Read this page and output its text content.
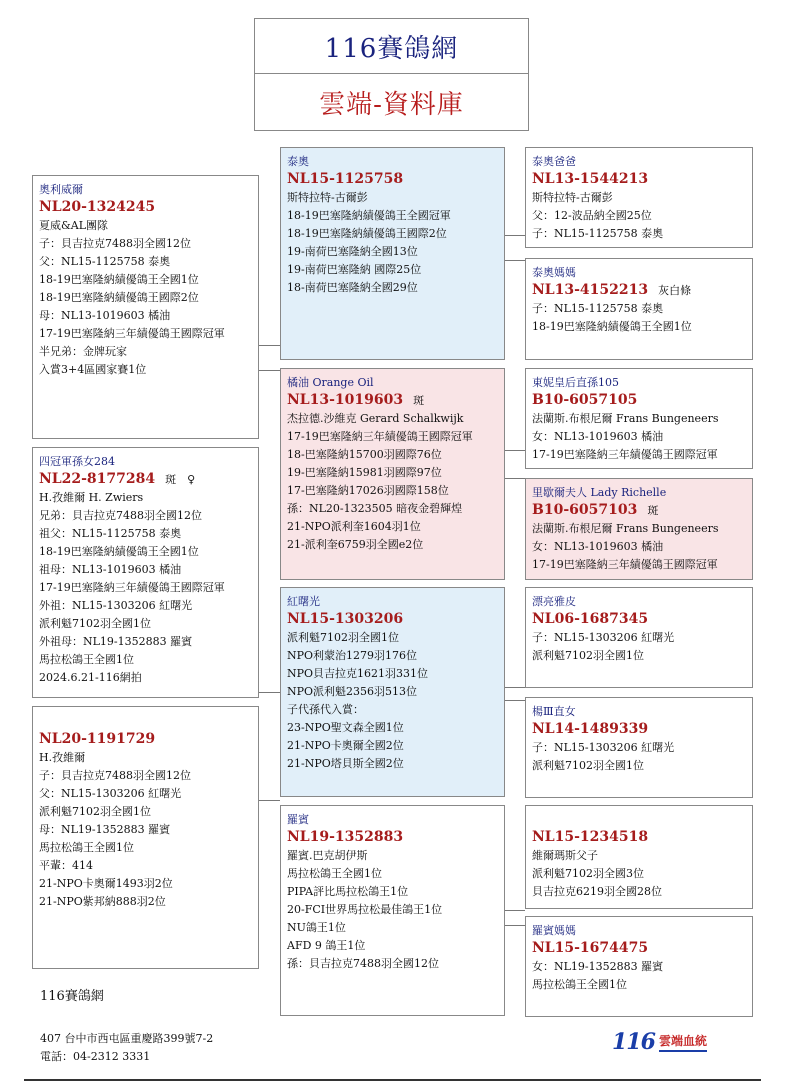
116賽鴿網
雲端-資料庫
奧利威爾
NL20-1324245
夏威&AL團隊
子：貝吉拉克7488羽全國12位
父：NL15-1125758 泰奧
18-19巴塞隆納績優鴿王全國1位
18-19巴塞隆納績優鴿王國際2位
母：NL13-1019603 橘油
17-19巴塞隆納三年績優鴿王國際冠軍
半兄弟：金牌玩家
入賞3+4區國家賽1位
四冠軍孫女284
NL22-8177284 斑　♀
H.孜維爾 H. Zwiers
兄弟：貝吉拉克7488羽全國12位
祖父：NL15-1125758 泰奧
18-19巴塞隆納績優鴿王全國1位
祖母：NL13-1019603 橘油
17-19巴塞隆納三年績優鴿王國際冠軍
外祖：NL15-1303206 紅曙光
派利魁7102羽全國1位
外祖母：NL19-1352883 羅賓
馬拉松鴿王全國1位
2024.6.21-116網拍
NL20-1191729
H.孜維爾
子：貝吉拉克7488羽全國12位
父：NL15-1303206 紅曙光
派利魁7102羽全國1位
母：NL19-1352883 羅賓
馬拉松鴿王全國1位
平輩：414
21-NPO卡奧爾1493羽2位
21-NPO紫邦納888羽2位
泰奧
NL15-1125758
斯特拉特-古爾彭
18-19巴塞隆納績優鴿王全國冠軍
18-19巴塞隆納績優鴿王國際2位
19-南荷巴塞隆納全國13位
19-南荷巴塞隆納 國際25位
18-南荷巴塞隆納全國29位
橘油 Orange Oil
NL13-1019603 斑
杰拉德.沙維克 Gerard Schalkwijk
17-19巴塞隆納三年績優鴿王國際冠軍
18-巴塞隆納15700羽國際76位
19-巴塞隆納15981羽國際97位
17-巴塞隆納17026羽國際158位
孫：NL20-1323505 暗夜金碧輝煌
21-NPO派利奎1604羽1位
21-派利奎6759羽全國e2位
紅曙光
NL15-1303206
派利魁7102羽全國1位
NPO利蒙治1279羽176位
NPO貝吉拉克1621羽331位
NPO派利魁2356羽513位
子代孫代入賞：
23-NPO聖文森全國1位
21-NPO卡奧爾全國2位
21-NPO塔貝斯全國2位
羅賓
NL19-1352883
羅賓.巴克胡伊斯
馬拉松鴿王全國1位
PIPA評比馬拉松鴿王1位
20-FCI世界馬拉松最佳鴿王1位
NU鴿王1位
AFD 9 鴿王1位
孫：貝吉拉克7488羽全國12位
泰奧爸爸
NL13-1544213
斯特拉特-古爾彭
父：12-波品納全國25位
子：NL15-1125758 泰奧
泰奧媽媽
NL13-4152213 灰白條
子：NL15-1125758 泰奧
18-19巴塞隆納績優鴿王全國1位
東妮皇后直孫105
B10-6057105
法蘭斯.布根尼爾 Frans Bungeneers
女：NL13-1019603 橘油
17-19巴塞隆納三年績優鴿王國際冠軍
里歇爾夫人 Lady Richelle
B10-6057103 斑
法蘭斯.布根尼爾 Frans Bungeneers
女：NL13-1019603 橘油
17-19巴塞隆納三年績優鴿王國際冠軍
漂亮雅皮
NL06-1687345
子：NL15-1303206 紅曙光
派利魁7102羽全國1位
楊Ⅲ直女
NL14-1489339
子：NL15-1303206 紅曙光
派利魁7102羽全國1位
NL15-1234518
維爾瑪斯父子
派利魁7102羽全國3位
貝吉拉克6219羽全國28位
羅賓媽媽
NL15-1674475
女：NL19-1352883 羅賓
馬拉松鴿王全國1位
116賽鴿網
407 台中市西屯區重慶路399號7-2
電話：04-2312 3331
116 雲端血統
